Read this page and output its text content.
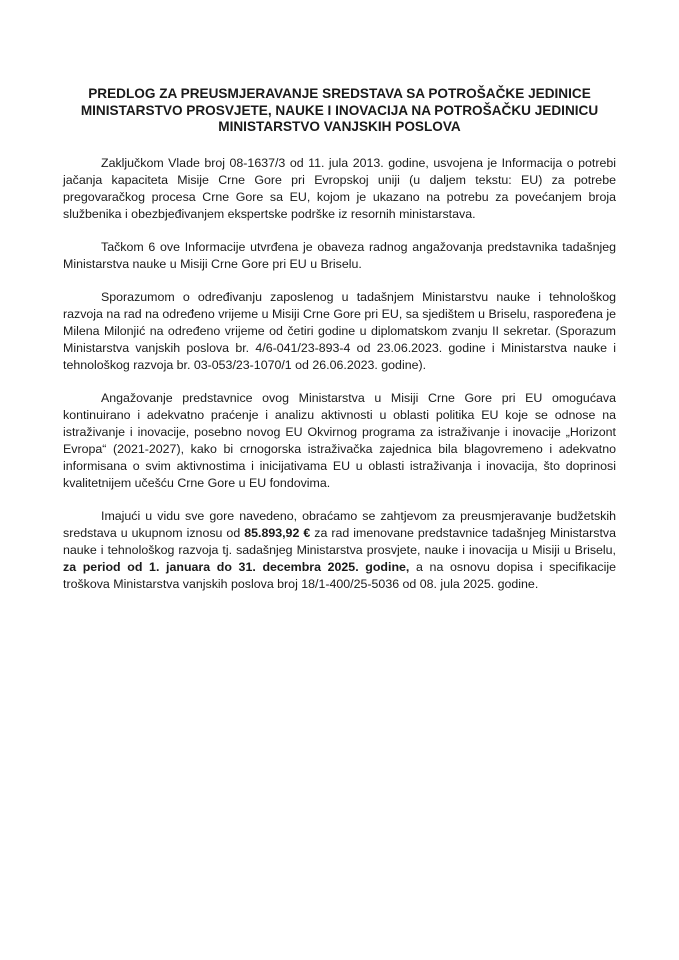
PREDLOG ZA PREUSMJERAVANJE SREDSTAVA SA POTROŠAČKE JEDINICE
MINISTARSTVO PROSVJETE, NAUKE I INOVACIJA NA POTROŠAČKU JEDINICU
MINISTARSTVO VANJSKIH POSLOVA

Zaključkom Vlade broj 08-1637/3 od 11. jula 2013. godine, usvojena je Informacija o potrebi jačanja kapaciteta Misije Crne Gore pri Evropskoj uniji (u daljem tekstu: EU) za potrebe pregovaračkog procesa Crne Gore sa EU, kojom je ukazano na potrebu za povećanjem broja službenika i obezbjeđivanjem ekspertske podrške iz resornih ministarstava.

Tačkom 6 ove Informacije utvrđena je obaveza radnog angažovanja predstavnika tadašnjeg Ministarstva nauke u Misiji Crne Gore pri EU u Briselu.

Sporazumom o određivanju zaposlenog u tadašnjem Ministarstvu nauke i tehnološkog razvoja na rad na određeno vrijeme u Misiji Crne Gore pri EU, sa sjedištem u Briselu, raspoređena je Milena Milonjić na određeno vrijeme od četiri godine u diplomatskom zvanju II sekretar. (Sporazum Ministarstva vanjskih poslova br. 4/6-041/23-893-4 od 23.06.2023. godine i Ministarstva nauke i tehnološkog razvoja br. 03-053/23-1070/1 od 26.06.2023. godine).

Angažovanje predstavnice ovog Ministarstva u Misiji Crne Gore pri EU omogućava kontinuirano i adekvatno praćenje i analizu aktivnosti u oblasti politika EU koje se odnose na istraživanje i inovacije, posebno novog EU Okvirnog programa za istraživanje i inovacije „Horizont Evropa“ (2021-2027), kako bi crnogorska istraživačka zajednica bila blagovremeno i adekvatno informisana o svim aktivnostima i inicijativama EU u oblasti istraživanja i inovacija, što doprinosi kvalitetnijem učešću Crne Gore u EU fondovima.

Imajući u vidu sve gore navedeno, obraćamo se zahtjevom za preusmjeravanje budžetskih sredstava u ukupnom iznosu od 85.893,92 € za rad imenovane predstavnice tadašnjeg Ministarstva nauke i tehnološkog razvoja tj. sadašnjeg Ministarstva prosvjete, nauke i inovacija u Misiji u Briselu, za period od 1. januara do 31. decembra 2025. godine, a na osnovu dopisa i specifikacije troškova Ministarstva vanjskih poslova broj 18/1-400/25-5036 od 08. jula 2025. godine.
